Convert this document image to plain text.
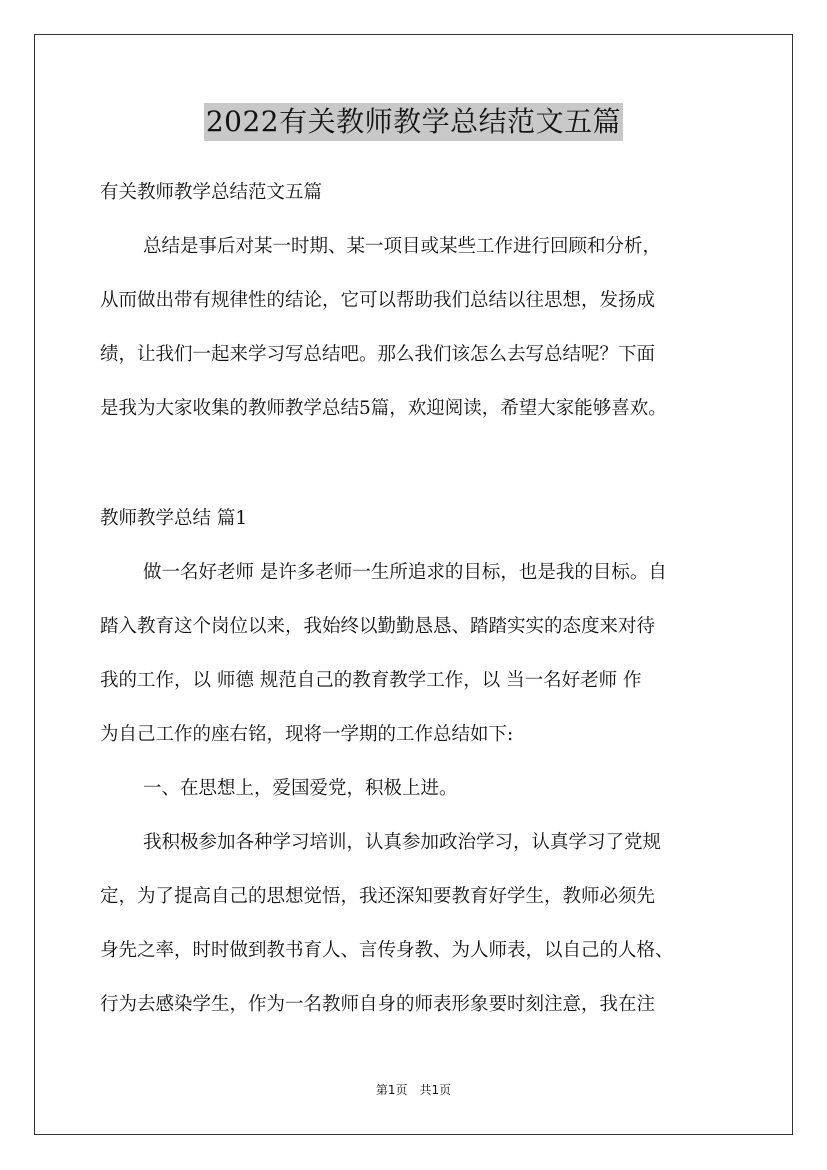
2022有关教师教学总结范文五篇
有关教师教学总结范文五篇
总结是事后对某一时期、某一项目或某些工作进行回顾和分析，
从而做出带有规律性的结论，它可以帮助我们总结以往思想，发扬成
绩，让我们一起来学习写总结吧。那么我们该怎么去写总结呢？下面
是我为大家收集的教师教学总结5篇，欢迎阅读，希望大家能够喜欢。
教师教学总结 篇1
做一名好老师 是许多老师一生所追求的目标，也是我的目标。自
踏入教育这个岗位以来，我始终以勤勤恳恳、踏踏实实的态度来对待
我的工作，以 师德 规范自己的教育教学工作，以 当一名好老师 作
为自己工作的座右铭，现将一学期的工作总结如下:
一、在思想上，爱国爱党，积极上进。
我积极参加各种学习培训，认真参加政治学习，认真学习了党规
定，为了提高自己的思想觉悟，我还深知要教育好学生，教师必须先
身先之率，时时做到教书育人、言传身教、为人师表，以自己的人格、
行为去感染学生，作为一名教师自身的师表形象要时刻注意，我在注
第1页　共1页
